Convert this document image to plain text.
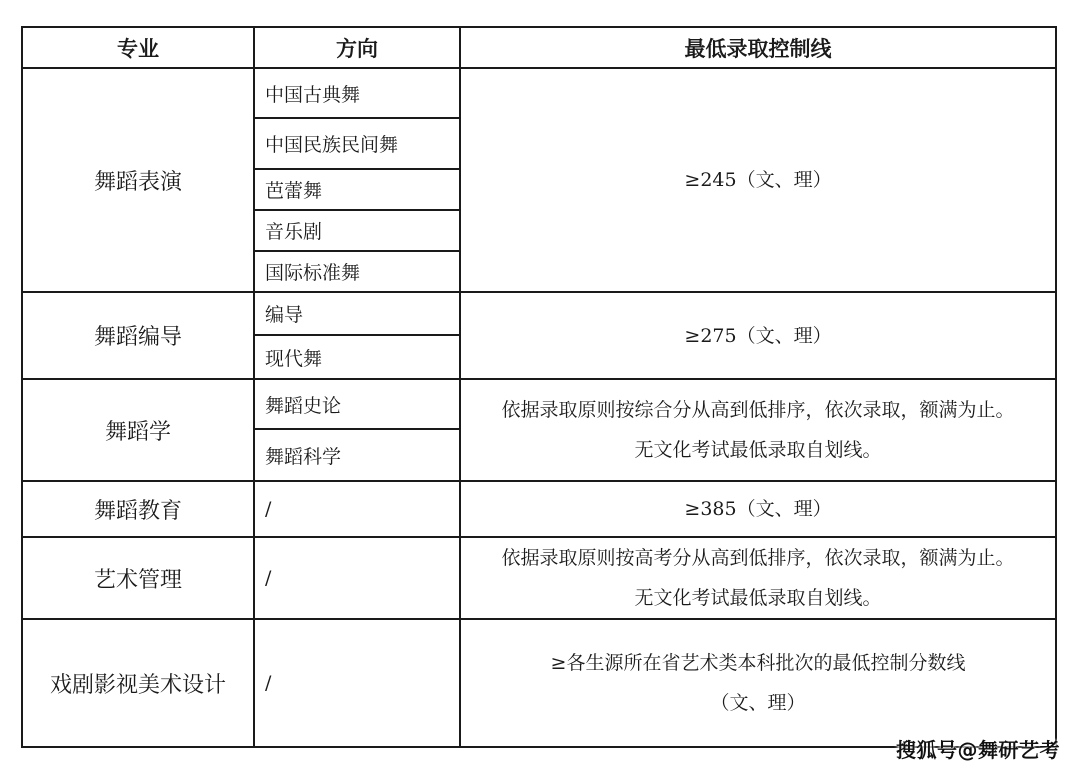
专业	方向	最低录取控制线
舞蹈表演	中国古典舞	≥245（文、理）
	中国民族民间舞	
	芭蕾舞	
	音乐剧	
	国际标准舞	
舞蹈编导	编导	≥275（文、理）
	现代舞	
舞蹈学	舞蹈史论	依据录取原则按综合分从高到低排序，依次录取，额满为止。
无文化考试最低录取自划线。

	舞蹈科学	
舞蹈教育	/	≥385（文、理）
艺术管理	/	依据录取原则按高考分从高到低排序，依次录取，额满为止。
无文化考试最低录取自划线。

戏剧影视美术设计	/	≥各生源所在省艺术类本科批次的最低控制分数线
（文、理）
搜狐号@舞研艺考
